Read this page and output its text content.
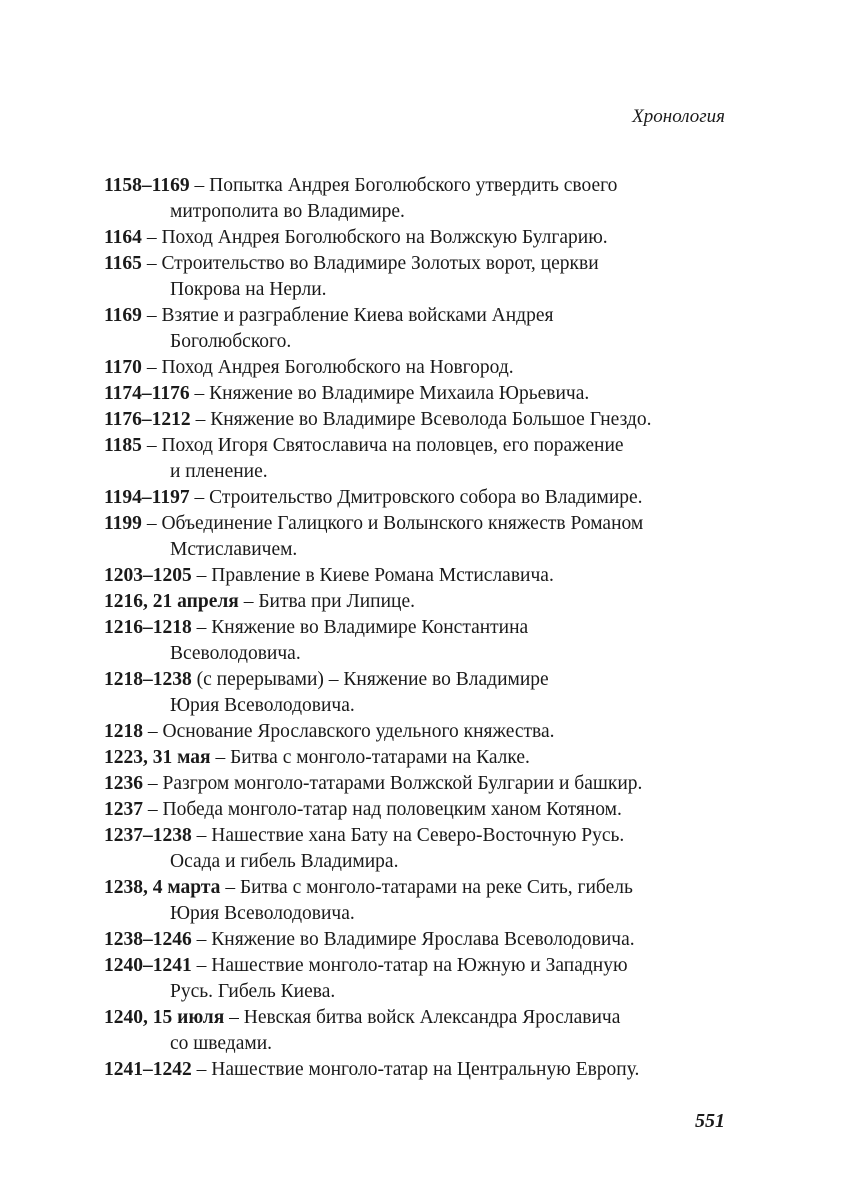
Хронология
1158–1169 – Попытка Андрея Боголюбского утвердить своего
митрополита во Владимире.
1164 – Поход Андрея Боголюбского на Волжскую Булгарию.
1165 – Строительство во Владимире Золотых ворот, церкви
Покрова на Нерли.
1169 – Взятие и разграбление Киева войсками Андрея
Боголюбского.
1170 – Поход Андрея Боголюбского на Новгород.
1174–1176 – Княжение во Владимире Михаила Юрьевича.
1176–1212 – Княжение во Владимире Всеволода Большое Гнездо.
1185 – Поход Игоря Святославича на половцев, его поражение
и пленение.
1194–1197 – Строительство Дмитровского собора во Владимире.
1199 – Объединение Галицкого и Волынского княжеств Романом
Мстиславичем.
1203–1205 – Правление в Киеве Романа Мстиславича.
1216, 21 апреля – Битва при Липице.
1216–1218 – Княжение во Владимире Константина
Всеволодовича.
1218–1238 (с перерывами) – Княжение во Владимире
Юрия Всеволодовича.
1218 – Основание Ярославского удельного княжества.
1223, 31 мая – Битва с монголо-татарами на Калке.
1236 – Разгром монголо-татарами Волжской Булгарии и башкир.
1237 – Победа монголо-татар над половецким ханом Котяном.
1237–1238 – Нашествие хана Бату на Северо-Восточную Русь.
Осада и гибель Владимира.
1238, 4 марта – Битва с монголо-татарами на реке Сить, гибель
Юрия Всеволодовича.
1238–1246 – Княжение во Владимире Ярослава Всеволодовича.
1240–1241 – Нашествие монголо-татар на Южную и Западную
Русь. Гибель Киева.
1240, 15 июля – Невская битва войск Александра Ярославича
со шведами.
1241–1242 – Нашествие монголо-татар на Центральную Европу.
551
